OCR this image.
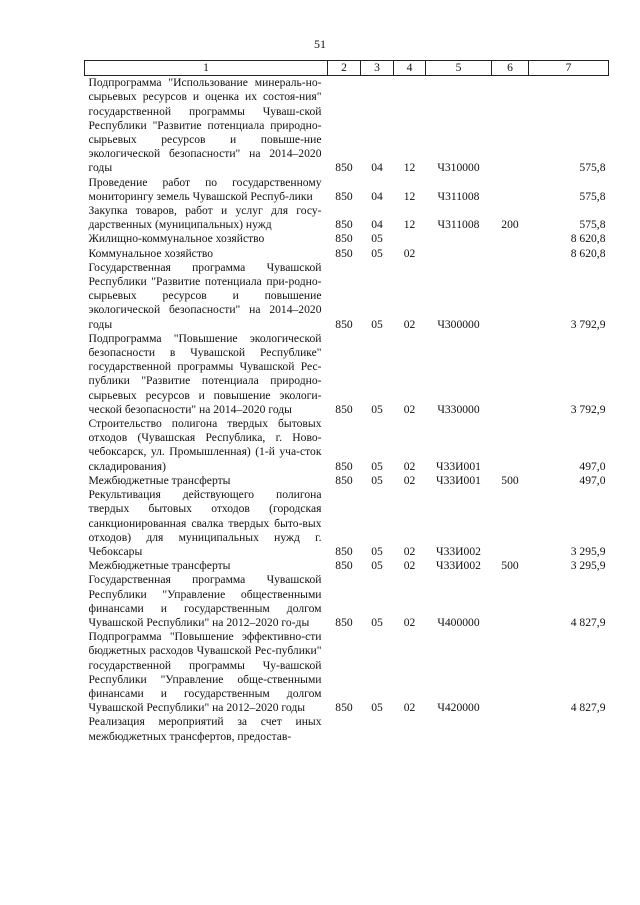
51
1	2	3	4	5	6	7
Подпрограмма "Использование минераль-но-сырьевых ресурсов и оценка их состоя-ния" государственной программы Чуваш-ской Республики "Развитие потенциала природно-сырьевых ресурсов и повыше-ние экологической безопасности" на 2014–2020 годы	850	04	12	Ч310000		575,8
Проведение работ по государственному мониторингу земель Чувашской Респуб-лики	850	04	12	Ч311008		575,8
Закупка товаров, работ и услуг для госу-дарственных (муниципальных) нужд	850	04	12	Ч311008	200	575,8
Жилищно-коммунальное хозяйство	850	05				8 620,8
Коммунальное хозяйство	850	05	02			8 620,8
Государственная программа Чувашской Республики "Развитие потенциала при-родно-сырьевых ресурсов и повышение экологической безопасности" на 2014–2020 годы	850	05	02	Ч300000		3 792,9
Подпрограмма "Повышение экологической безопасности в Чувашской Республике" государственной программы Чувашской Рес-публики "Развитие потенциала природно-сырьевых ресурсов и повышение экологи-ческой безопасности" на 2014–2020 годы	850	05	02	Ч330000		3 792,9
Строительство полигона твердых бытовых отходов (Чувашская Республика, г. Ново-чебоксарск, ул. Промышленная) (1-й уча-сток складирования)	850	05	02	Ч33И001		497,0
Межбюджетные трансферты	850	05	02	Ч33И001	500	497,0
Рекультивация действующего полигона твердых бытовых отходов (городская санкционированная свалка твердых быто-вых отходов) для муниципальных нужд г. Чебоксары	850	05	02	Ч33И002		3 295,9
Межбюджетные трансферты	850	05	02	Ч33И002	500	3 295,9
Государственная программа Чувашской Республики "Управление общественными финансами и государственным долгом Чувашской Республики" на 2012–2020 го-ды	850	05	02	Ч400000		4 827,9
Подпрограмма "Повышение эффективно-сти бюджетных расходов Чувашской Рес-публики" государственной программы Чу-вашской Республики "Управление обще-ственными финансами и государственным долгом Чувашской Республики" на 2012–2020 годы	850	05	02	Ч420000		4 827,9
Реализация мероприятий за счет иных межбюджетных трансфертов, предостав-						
